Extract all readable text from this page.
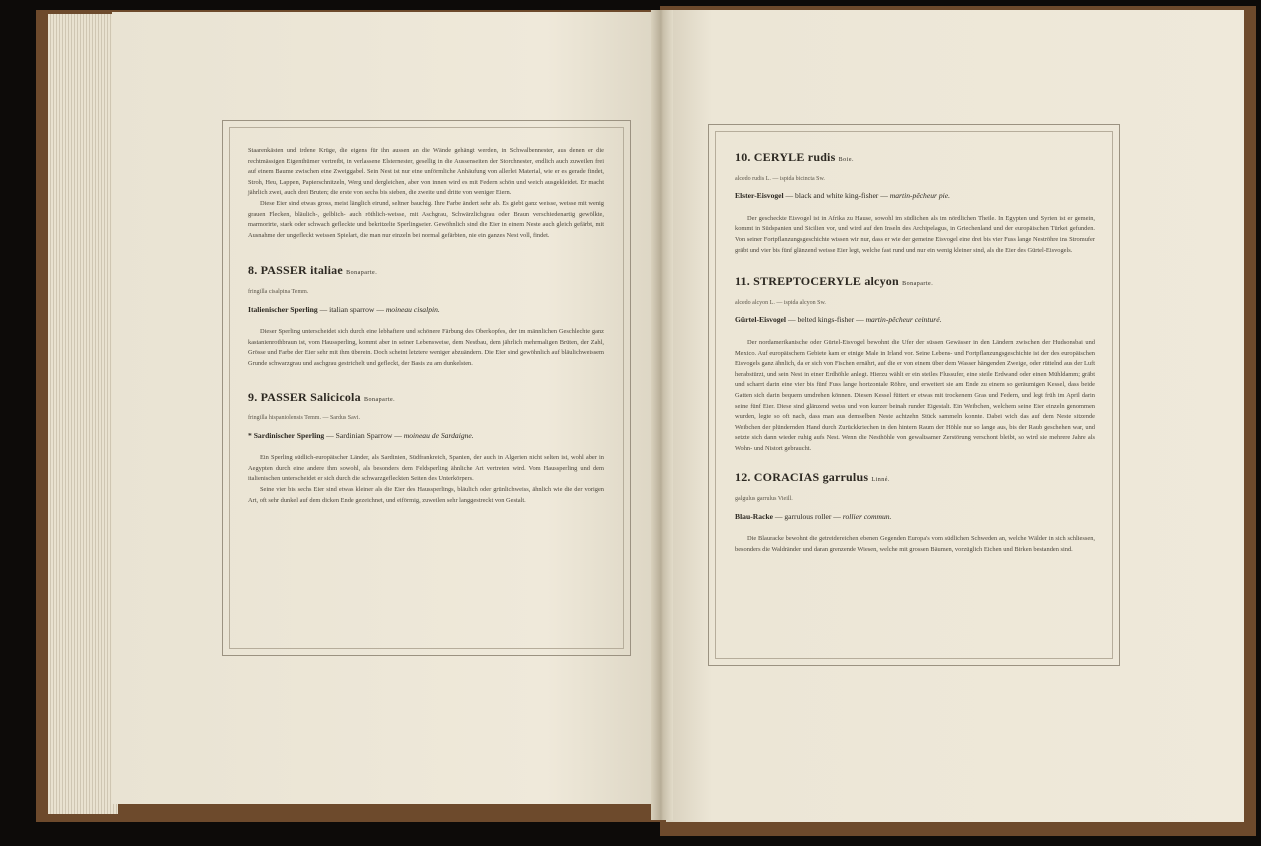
Staarenkästen und irdene Krüge, die eigens für ihn aussen an die Wände gehängt werden, in Schwalbennester, aus denen er die rechtmässigen Eigenthümer vertreibt, in verlassene Elsternester, gesellig in die Aussenseiten der Storchnester, endlich auch zuweilen frei auf einem Baume zwischen eine Zweiggabel. Sein Nest ist nur eine unförmliche Anhäufung von allerlei Material, wie er es gerade findet, Stroh, Heu, Lappen, Papierschnitzeln, Werg und dergleichen, aber von innen wird es mit Federn schön und weich ausgekleidet. Er macht jährlich zwei, auch drei Bruten; die erste von sechs bis sieben, die zweite und dritte von weniger Eiern.

Diese Eier sind etwas gross, meist länglich eirund, seltner bauchig. Ihre Farbe ändert sehr ab. Es giebt ganz weisse, weisse mit wenig grauen Flecken, bläulich-, gelblich- auch röthlich-weisse, mit Aschgrau, Schwärzlichgrau oder Braun verschiedenartig gewölkte, marmorirte, stark oder schwach gefleckte und bekritzelte Sperlingseier. Gewöhnlich sind die Eier in einem Neste auch gleich gefärbt, mit Ausnahme der ungefleckt weissen Spielart, die man nur einzeln bei normal gefärbten, nie ein ganzes Nest voll, findet.

8. PASSER italiae Bonaparte.

fringilla cisalpina Temm.

Italienischer Sperling — italian sparrow — moineau cisalpin.

Dieser Sperling unterscheidet sich durch eine lebhaftere und schönere Färbung des Oberkopfes, der im männlichen Geschlechte ganz kastanienrothbraun ist, vom Haussperling, kommt aber in seiner Lebensweise, dem Nestbau, dem jährlich mehrmaligen Brüten, der Zahl, Grösse und Farbe der Eier sehr mit ihm überein. Doch scheint letztere weniger abzuändern. Die Eier sind gewöhnlich auf bläulichweissem Grunde schwarzgrau und aschgrau gestrichelt und gefleckt, der Basis zu am dunkelsten.

9. PASSER Salicicola Bonaparte.

fringilla hispaniolensis Temm. — Sardus Savi.

* Sardinischer Sperling — Sardinian Sparrow — moineau de Sardaigne.

Ein Sperling südlich-europäischer Länder, als Sardinien, Südfrankreich, Spanien, der auch in Algerien nicht selten ist, wohl aber in Aegypten durch eine andere ihm sowohl, als besonders dem Feldsperling ähnliche Art vertreten wird. Vom Haussperling und dem italienischen unterscheidet er sich durch die schwarzgefleckten Seiten des Unterkörpers.

Seine vier bis sechs Eier sind etwas kleiner als die Eier des Haussperlings, bläulich oder grünlichweiss, ähnlich wie die der vorigen Art, oft sehr dunkel auf dem dicken Ende gezeichnet, und eiförmig, zuweilen sehr langgestreckt von Gestalt.

10. CERYLE rudis Boie.

alcedo rudis L. — ispida bicincta Sw.

Elster-Eisvogel — black and white king-fisher — martin-pêcheur pie.

Der gescheckte Eisvogel ist in Afrika zu Hause, sowohl im südlichen als im nördlichen Theile. In Egypten und Syrien ist er gemein, kommt in Südspanien und Sicilien vor, und wird auf den Inseln des Archipelagus, in Griechenland und der europäischen Türkei gefunden. Von seiner Fortpflanzungsgeschichte wissen wir nur, dass er wie der gemeine Eisvogel eine drei bis vier Fuss lange Neströhre ins Stromufer gräbt und vier bis fünf glänzend weisse Eier legt, welche fast rund und nur ein wenig kleiner sind, als die Eier des Gürtel-Eisvogels.

11. STREPTOCERYLE alcyon Bonaparte.

alcedo alcyon L. — ispida alcyon Sw.

Gürtel-Eisvogel — belted kings-fisher — martin-pêcheur ceinturé.

Der nordamerikanische oder Gürtel-Eisvogel bewohnt die Ufer der süssen Gewässer in den Ländern zwischen der Hudsonsbai und Mexico. Auf europäischem Gebiete kam er einige Male in Irland vor. Seine Lebens- und Fortpflanzungsgeschichte ist der des europäischen Eisvogels ganz ähnlich, da er sich von Fischen ernährt, auf die er von einem über dem Wasser hängenden Zweige, oder rüttelnd aus der Luft herabstürzt, und sein Nest in einer Erdhöhle anlegt. Hierzu wählt er ein steiles Flussufer, eine steile Erdwand oder einen Mühldamm; gräbt und scharrt darin eine vier bis fünf Fuss lange horizontale Röhre, und erweitert sie am Ende zu einem so geräumigen Kessel, dass beide Gatten sich darin bequem umdrehen können. Diesen Kessel füttert er etwas mit trockenem Gras und Federn, und legt früh im April darin seine fünf Eier. Diese sind glänzend weiss und von kurzer beinah runder Eigestalt. Ein Weibchen, welchem seine Eier einzeln genommen wurden, legte so oft nach, dass man aus demselben Neste achtzehn Stück sammeln konnte. Dabei wich das auf dem Neste sitzende Weibchen der plündernden Hand durch Zurückkriechen in den hintern Raum der Höhle nur so lange aus, bis der Raub geschehen war, und setzte sich dann wieder ruhig aufs Nest. Wenn die Nesthöhle von gewaltsamer Zerstörung verschont bleibt, so wird sie mehrere Jahre als Wohn- und Nistort gebraucht.

12. CORACIAS garrulus Linné.

galgulus garrulus Vieill.

Blau-Racke — garrulous roller — rollier commun.

Die Blauracke bewohnt die getreidereichen ebenen Gegenden Europa's vom südlichen Schweden an, welche Wälder in sich schliessen, besonders die Waldränder und daran grenzende Wiesen, welche mit grossen Bäumen, vorzüglich Eichen und Birken bestanden sind.
